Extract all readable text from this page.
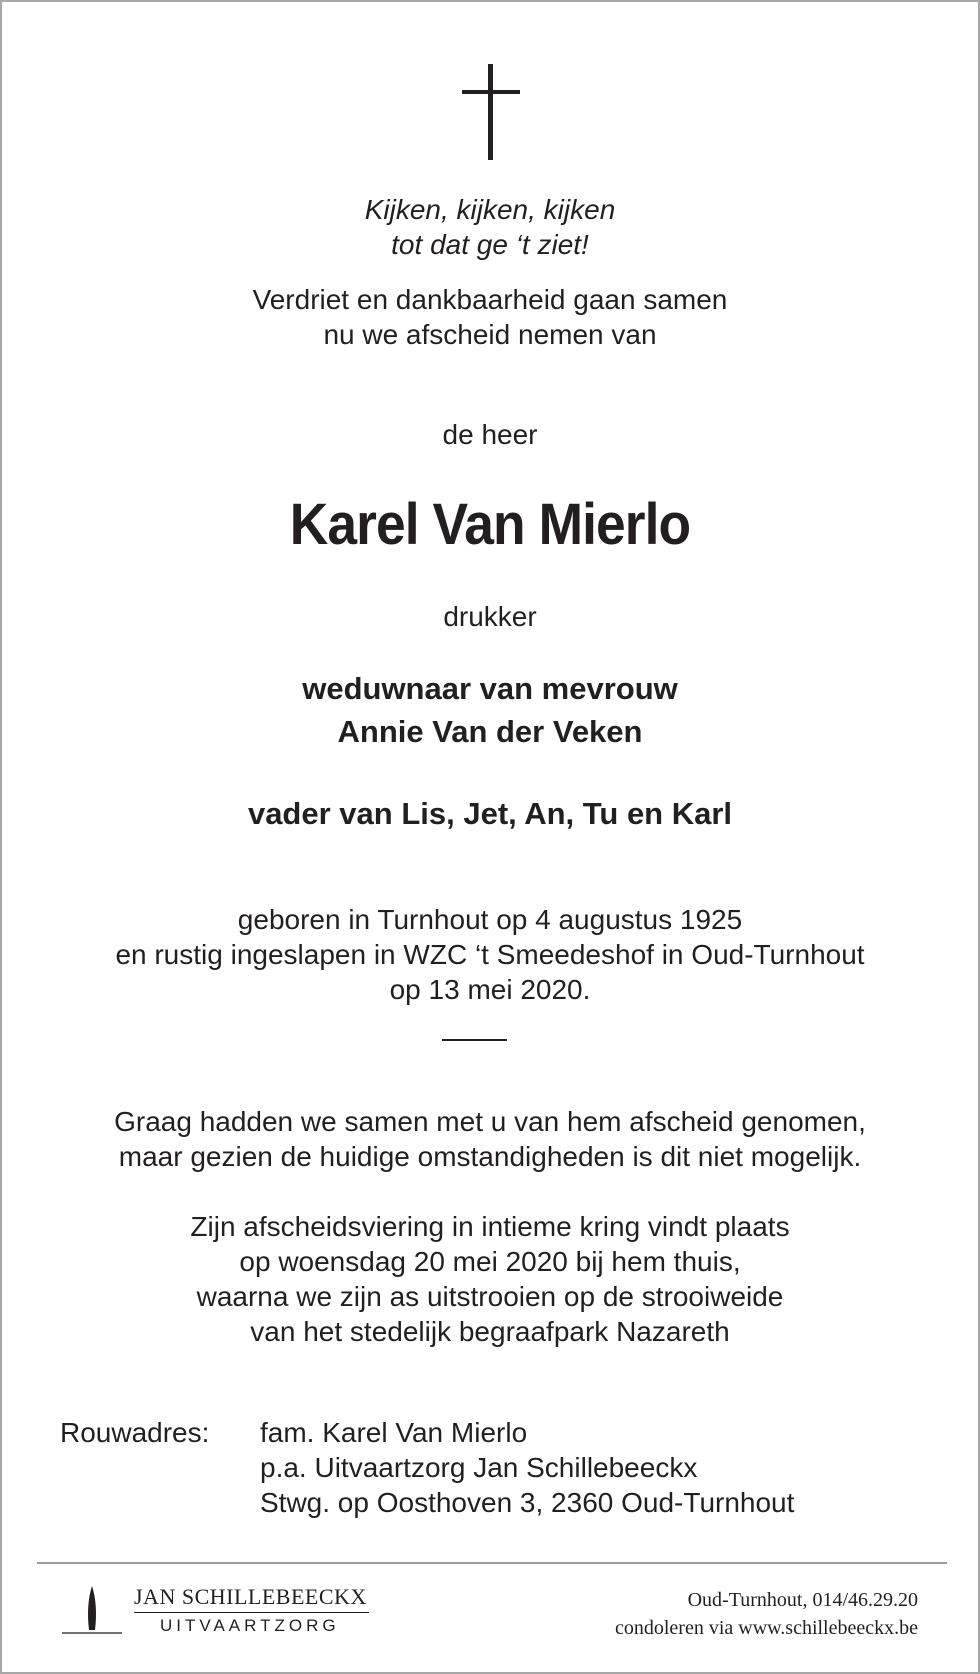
Kijken, kijken, kijken
tot dat ge ‘t ziet!
Verdriet en dankbaarheid gaan samen
nu we afscheid nemen van
de heer
Karel Van Mierlo
drukker
weduwnaar van mevrouw
Annie Van der Veken
vader van Lis, Jet, An, Tu en Karl
geboren in Turnhout op 4 augustus 1925
en rustig ingeslapen in WZC ‘t Smeedeshof in Oud-Turnhout
op 13 mei 2020.
Graag hadden we samen met u van hem afscheid genomen,
maar gezien de huidige omstandigheden is dit niet mogelijk.
Zijn afscheidsviering in intieme kring vindt plaats
op woensdag 20 mei 2020 bij hem thuis,
waarna we zijn as uitstrooien op de strooiweide
van het stedelijk begraafpark Nazareth
Rouwadres: fam. Karel Van Mierlo
p.a. Uitvaartzorg Jan Schillebeeckx
Stwg. op Oosthoven 3, 2360 Oud-Turnhout
JAN SCHILLEBEECKX
UITVAARTZORG
Oud-Turnhout, 014/46.29.20
condoleren via www.schillebeeckx.be
